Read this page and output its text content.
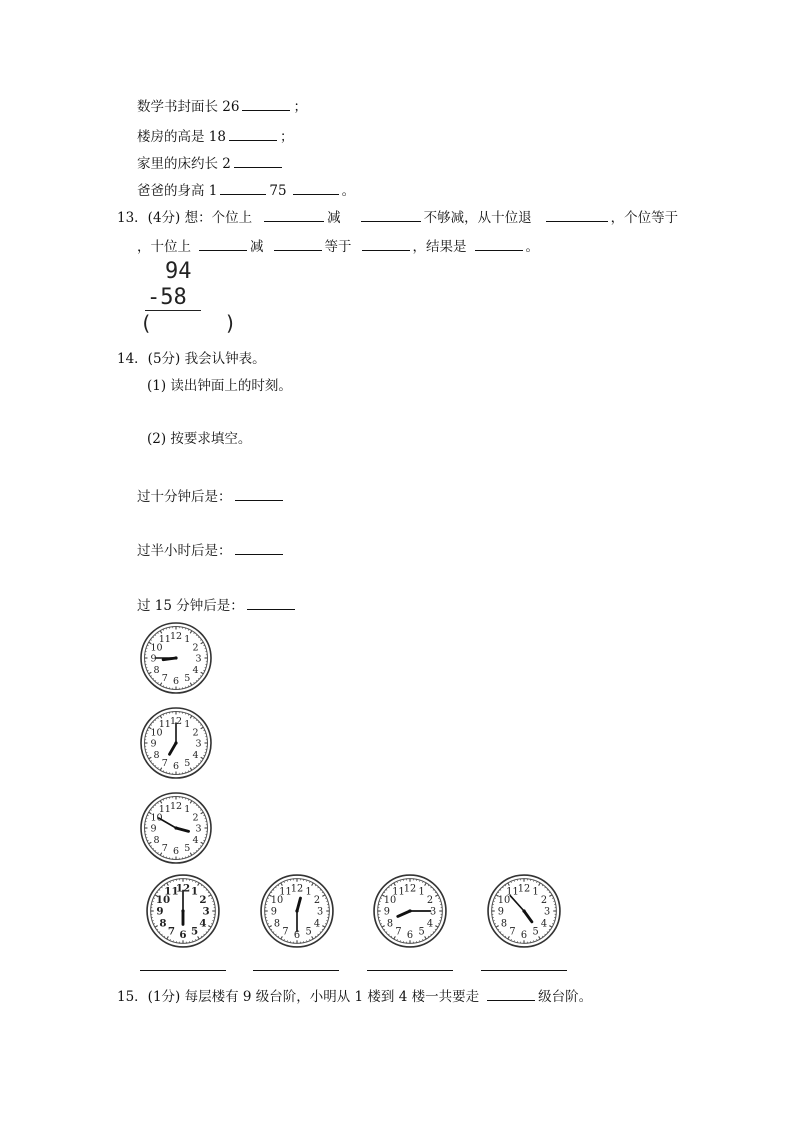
数学书封面长 26	；
楼房的高是 18	；
家里的床约长 2
爸爸的身高 1	75	。
13．(4分) 想：个位上	减	不够减，从十位退	，个位等于
，十位上	减	等于	，结果是	。
94
-58
(      )
14．(5分) 我会认钟表。
(1) 读出钟面上的时刻。
(2) 按要求填空。
过十分钟后是：
过半小时后是：
过 15 分钟后是：
1
2
3
4
5
6
7
8
9
10
11 12
1
2
3
4
5
6
7
8
9
10
11 12
1
2
3
4
5
6
7
8
9
10
11 12
1
2
3
4
5
6
7
8
9
10
11
12	1
2
3
4
5
6
7
8
9
10
11 12	1
2
3
4
5
6
7
8
9
10
11 12	1
2
3
4
5
6
7
8
9
10
11 12
15．(1分) 每层楼有 9 级台阶，小明从 1 楼到 4 楼一共要走	级台阶。
